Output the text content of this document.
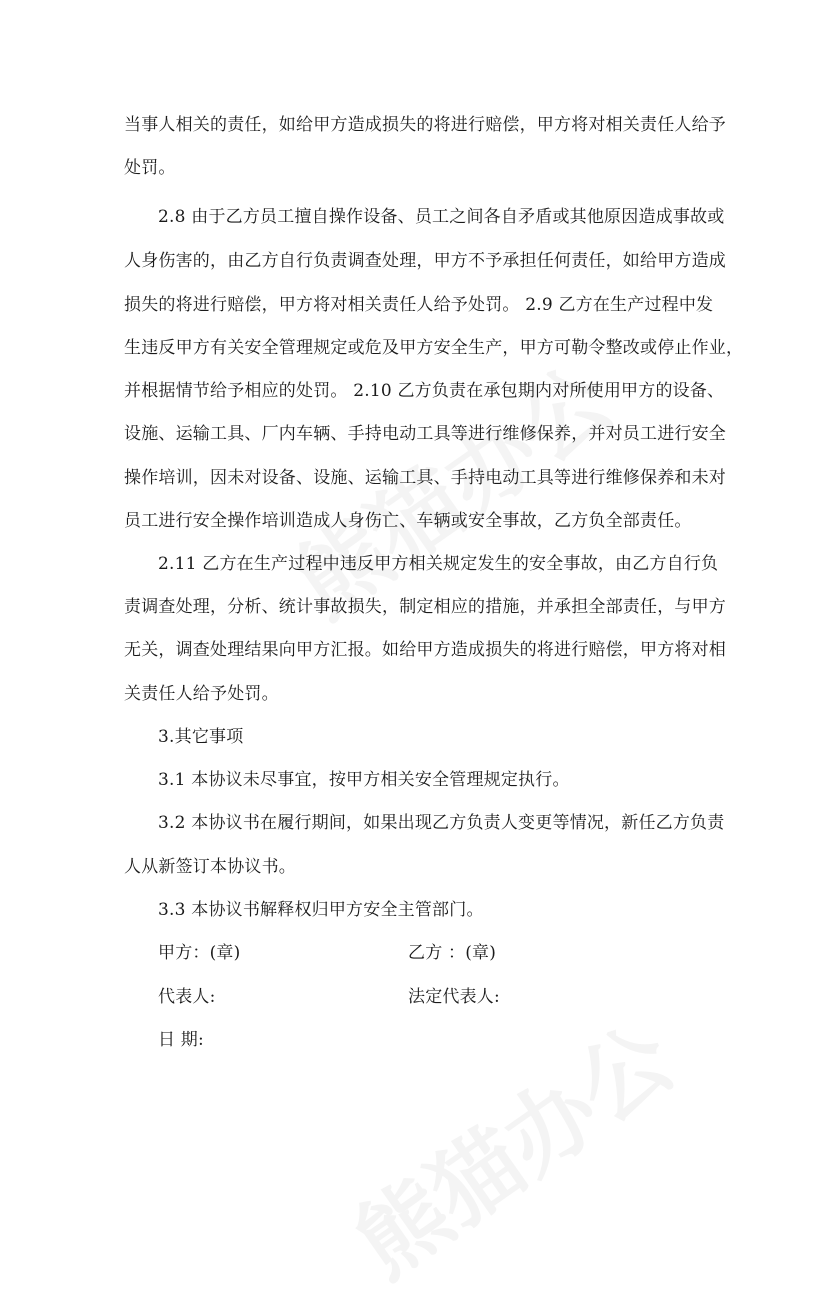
当事人相关的责任，如给甲方造成损失的将进行赔偿，甲方将对相关责任人给予
处罚。
2.8 由于乙方员工擅自操作设备、员工之间各自矛盾或其他原因造成事故或
人身伤害的，由乙方自行负责调查处理，甲方不予承担任何责任，如给甲方造成
损失的将进行赔偿，甲方将对相关责任人给予处罚。 2.9 乙方在生产过程中发
生违反甲方有关安全管理规定或危及甲方安全生产，甲方可勒令整改或停止作业，
并根据情节给予相应的处罚。 2.10 乙方负责在承包期内对所使用甲方的设备、
设施、运输工具、厂内车辆、手持电动工具等进行维修保养，并对员工进行安全
操作培训，因未对设备、设施、运输工具、手持电动工具等进行维修保养和未对
员工进行安全操作培训造成人身伤亡、车辆或安全事故，乙方负全部责任。
2.11 乙方在生产过程中违反甲方相关规定发生的安全事故，由乙方自行负
责调查处理，分析、统计事故损失，制定相应的措施，并承担全部责任，与甲方
无关，调查处理结果向甲方汇报。如给甲方造成损失的将进行赔偿，甲方将对相
关责任人给予处罚。
3.其它事项
3.1 本协议未尽事宜，按甲方相关安全管理规定执行。
3.2 本协议书在履行期间，如果出现乙方负责人变更等情况，新任乙方负责
人从新签订本协议书。
3.3 本协议书解释权归甲方安全主管部门。
甲方：(章)	乙方 ：(章)
代表人:	法定代表人:
日 期:
